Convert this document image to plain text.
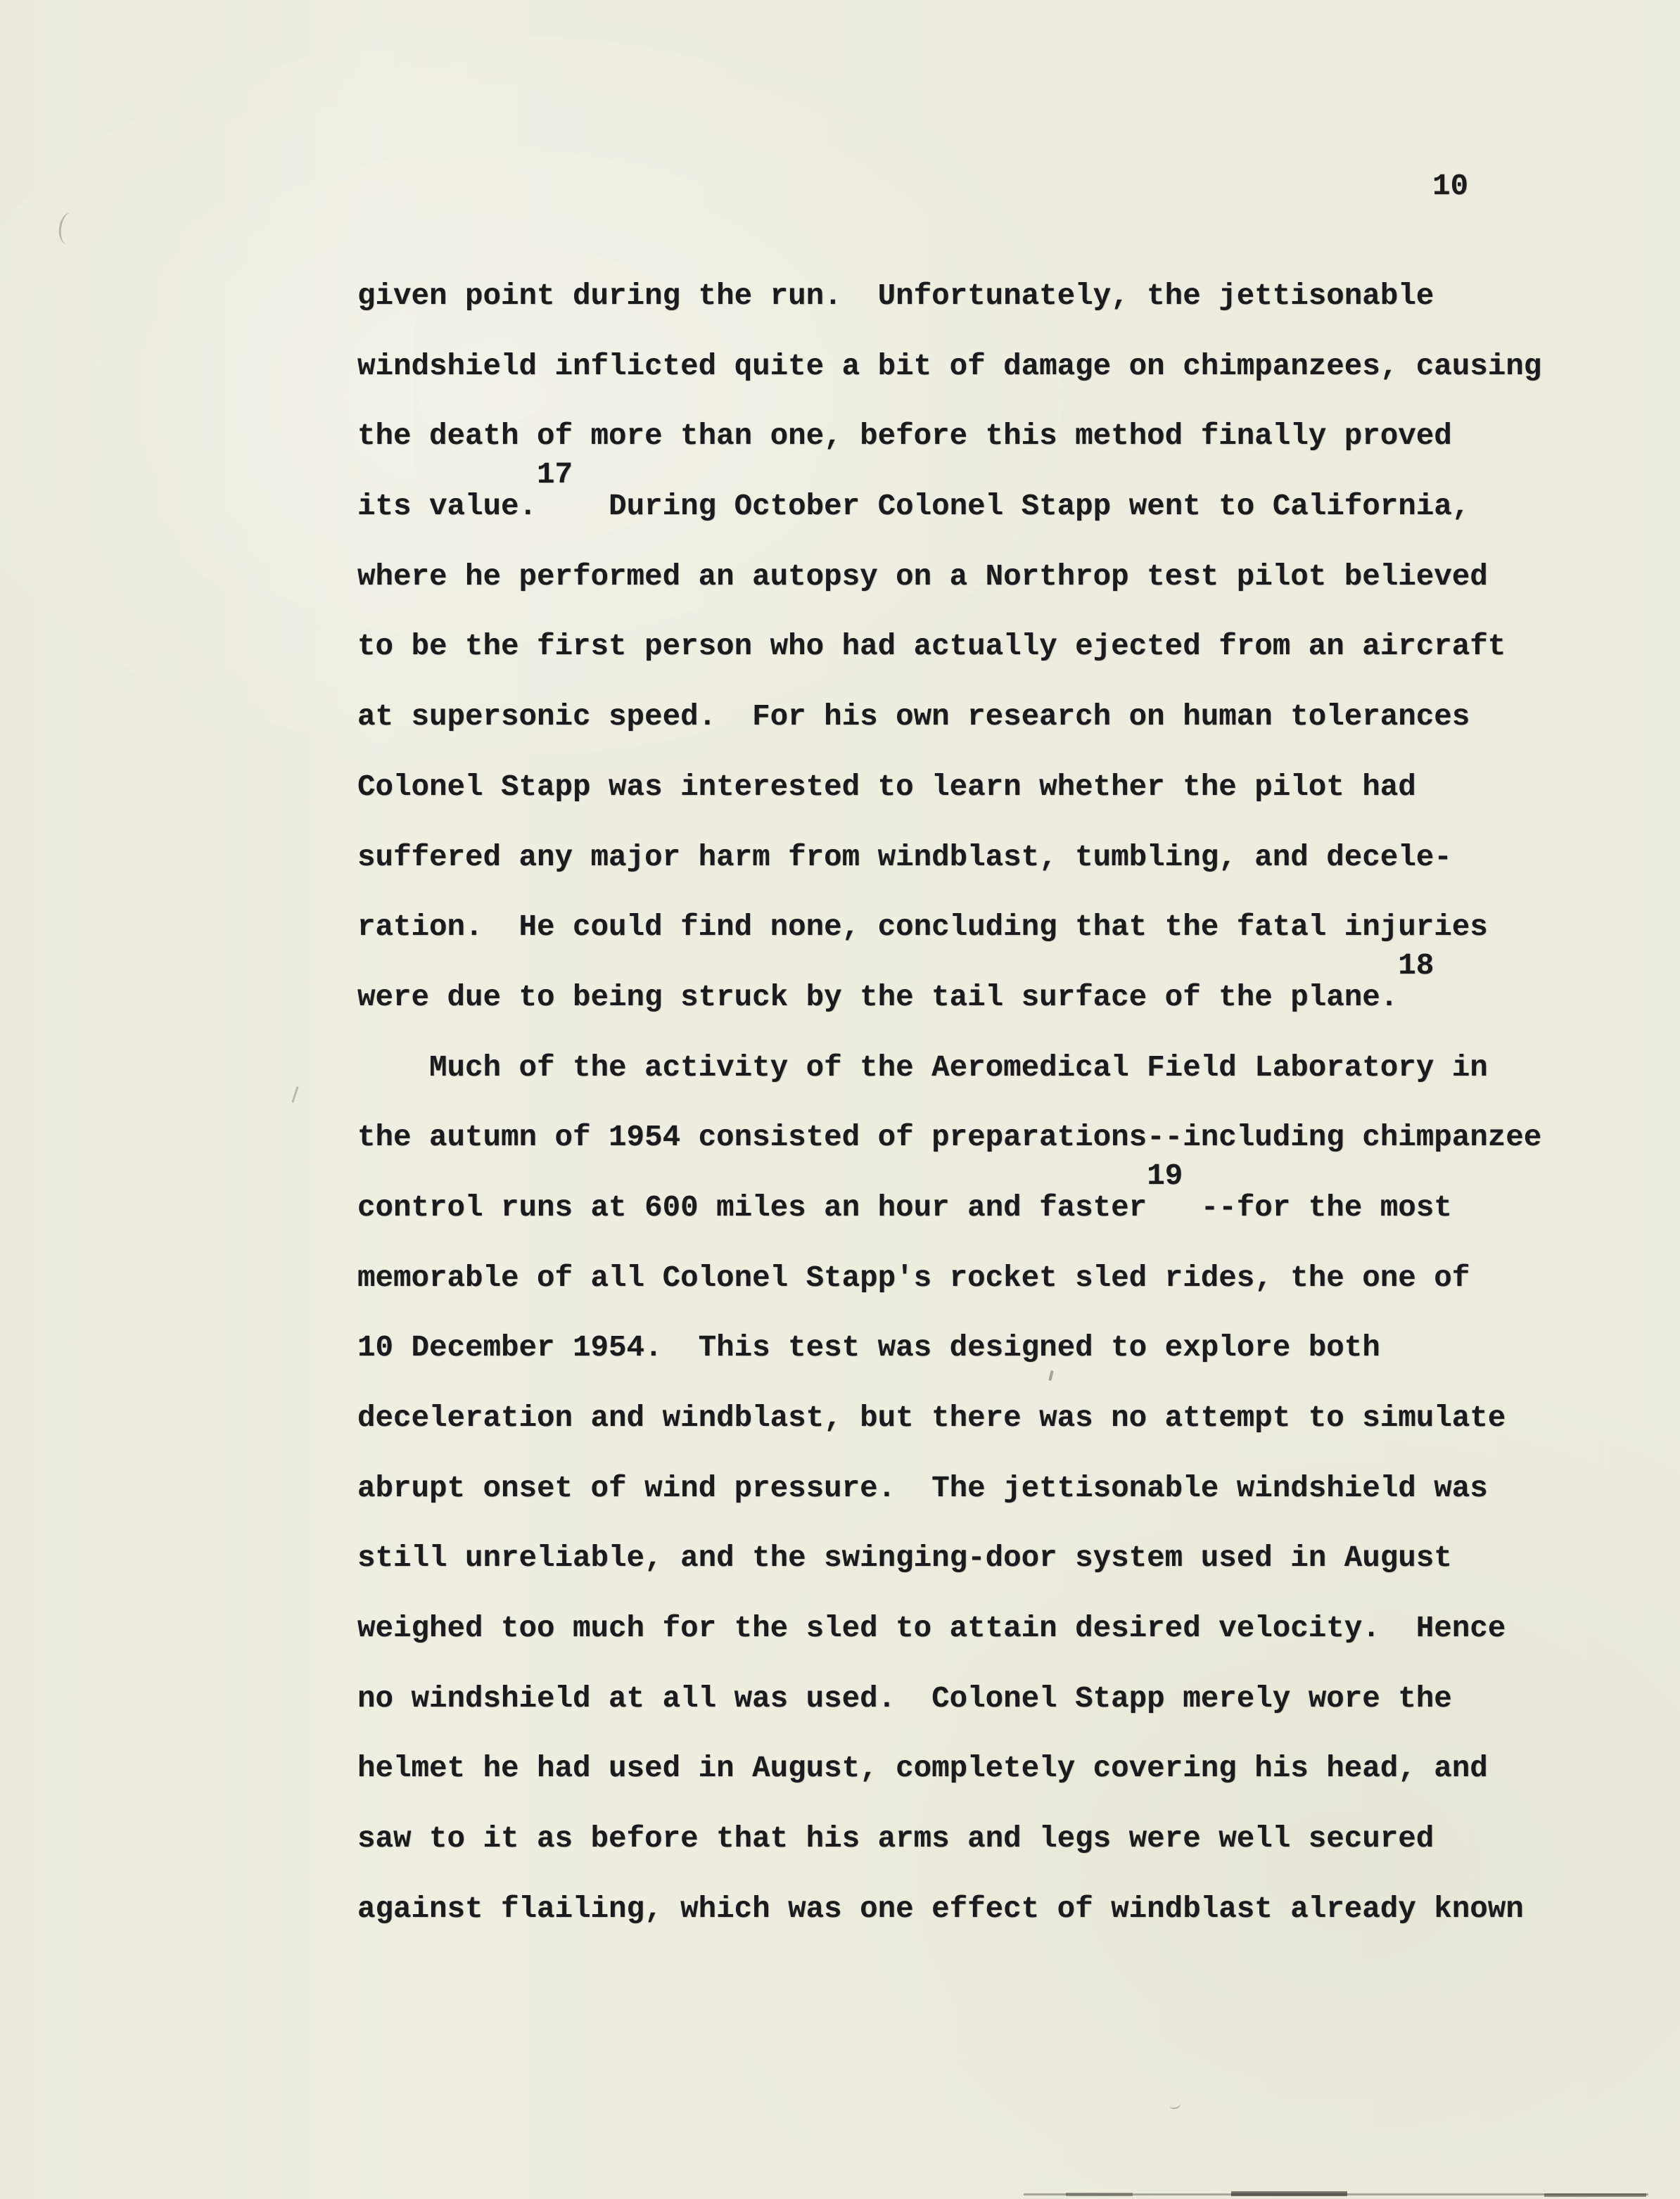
10
given point during the run.  Unfortunately, the jettisonable
windshield inflicted quite a bit of damage on chimpanzees, causing
the death of more than one, before this method finally proved
its value.17  During October Colonel Stapp went to California,
where he performed an autopsy on a Northrop test pilot believed
to be the first person who had actually ejected from an aircraft
at supersonic speed.  For his own research on human tolerances
Colonel Stapp was interested to learn whether the pilot had
suffered any major harm from windblast, tumbling, and decele-
ration.  He could find none, concluding that the fatal injuries
were due to being struck by the tail surface of the plane.18
Much of the activity of the Aeromedical Field Laboratory in
the autumn of 1954 consisted of preparations--including chimpanzee
control runs at 600 miles an hour and faster19 --for the most
memorable of all Colonel Stapp's rocket sled rides, the one of
10 December 1954.  This test was designed to explore both
deceleration and windblast, but there was no attempt to simulate
abrupt onset of wind pressure.  The jettisonable windshield was
still unreliable, and the swinging-door system used in August
weighed too much for the sled to attain desired velocity.  Hence
no windshield at all was used.  Colonel Stapp merely wore the
helmet he had used in August, completely covering his head, and
saw to it as before that his arms and legs were well secured
against flailing, which was one effect of windblast already known
